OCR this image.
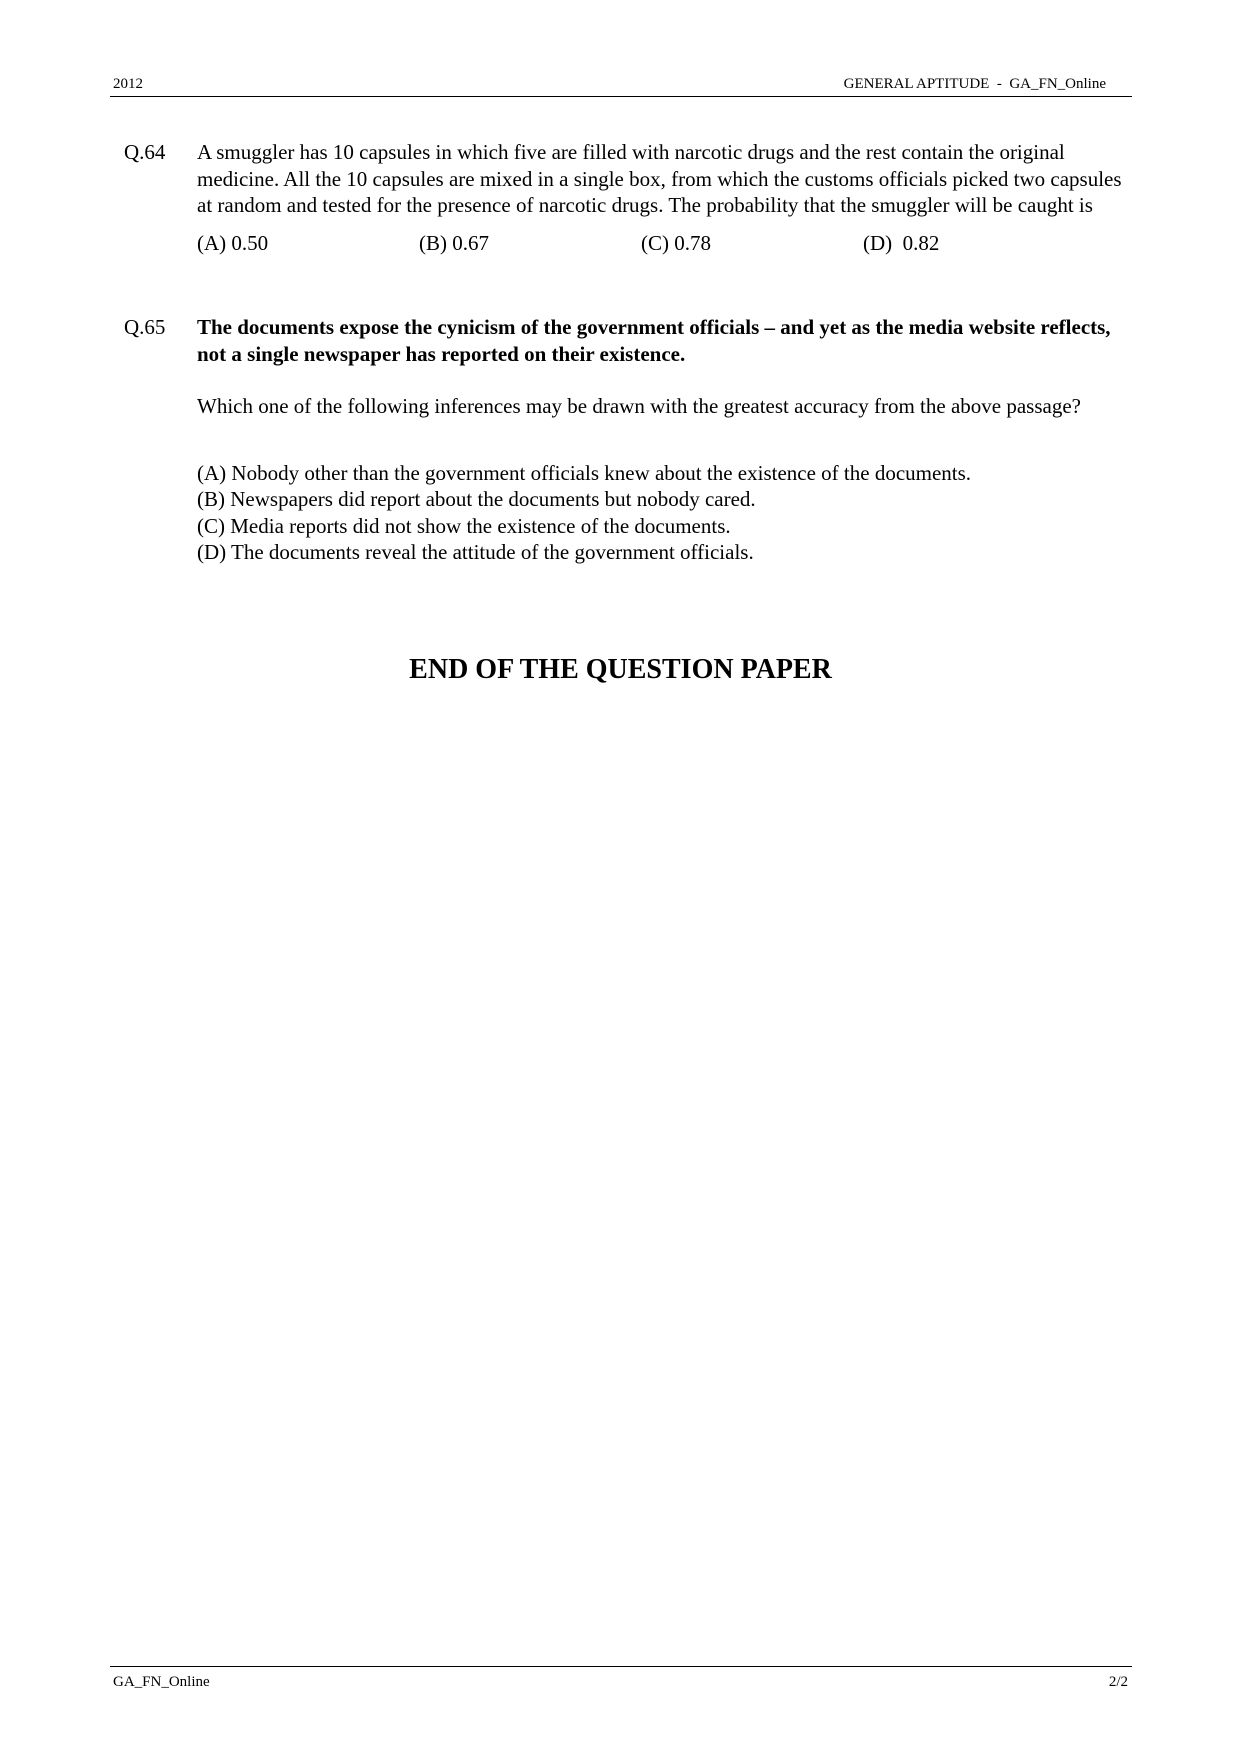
2012	GENERAL APTITUDE  -  GA_FN_Online
Q.64 A smuggler has 10 capsules in which five are filled with narcotic drugs and the rest contain the original medicine. All the 10 capsules are mixed in a single box, from which the customs officials picked two capsules at random and tested for the presence of narcotic drugs. The probability that the smuggler will be caught is

(A) 0.50	(B) 0.67	(C) 0.78	(D)  0.82
Q.65 The documents expose the cynicism of the government officials – and yet as the media website reflects, not a single newspaper has reported on their existence.

Which one of the following inferences may be drawn with the greatest accuracy from the above passage?

(A) Nobody other than the government officials knew about the existence of the documents.
(B) Newspapers did report about the documents but nobody cared.
(C) Media reports did not show the existence of the documents.
(D) The documents reveal the attitude of the government officials.
END OF THE QUESTION PAPER
GA_FN_Online	2/2
